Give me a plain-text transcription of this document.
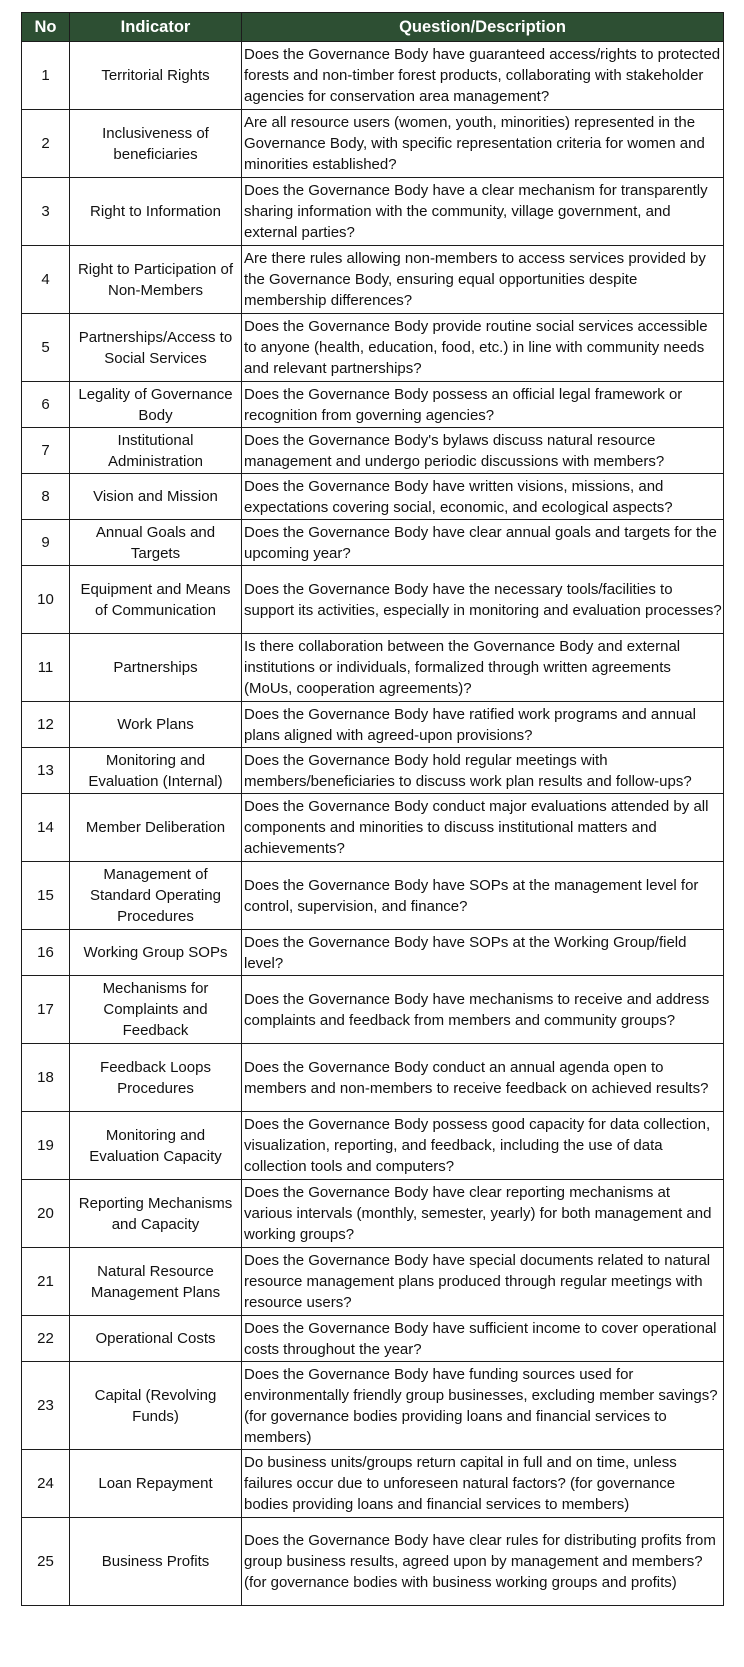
No	Indicator	Question/Description
1	Territorial Rights	Does the Governance Body have guaranteed access/rights to protected forests and non-timber forest products, collaborating with stakeholder agencies for conservation area management?
2	Inclusiveness of beneficiaries	Are all resource users (women, youth, minorities) represented in the Governance Body, with specific representation criteria for women and minorities established?
3	Right to Information	Does the Governance Body have a clear mechanism for transparently sharing information with the community, village government, and external parties?
4	Right to Participation of Non-Members	Are there rules allowing non-members to access services provided by the Governance Body, ensuring equal opportunities despite membership differences?
5	Partnerships/Access to Social Services	Does the Governance Body provide routine social services accessible to anyone (health, education, food, etc.) in line with community needs and relevant partnerships?
6	Legality of Governance Body	Does the Governance Body possess an official legal framework or recognition from governing agencies?
7	Institutional Administration	Does the Governance Body's bylaws discuss natural resource management and undergo periodic discussions with members?
8	Vision and Mission	Does the Governance Body have written visions, missions, and expectations covering social, economic, and ecological aspects?
9	Annual Goals and Targets	Does the Governance Body have clear annual goals and targets for the upcoming year?
10	Equipment and Means of Communication	Does the Governance Body have the necessary tools/facilities to support its activities, especially in monitoring and evaluation processes?
11	Partnerships	Is there collaboration between the Governance Body and external institutions or individuals, formalized through written agreements (MoUs, cooperation agreements)?
12	Work Plans	Does the Governance Body have ratified work programs and annual plans aligned with agreed-upon provisions?
13	Monitoring and Evaluation (Internal)	Does the Governance Body hold regular meetings with members/beneficiaries to discuss work plan results and follow-ups?
14	Member Deliberation	Does the Governance Body conduct major evaluations attended by all components and minorities to discuss institutional matters and achievements?
15	Management of Standard Operating Procedures	Does the Governance Body have SOPs at the management level for control, supervision, and finance?
16	Working Group SOPs	Does the Governance Body have SOPs at the Working Group/field level?
17	Mechanisms for Complaints and Feedback	Does the Governance Body have mechanisms to receive and address complaints and feedback from members and community groups?
18	Feedback Loops Procedures	Does the Governance Body conduct an annual agenda open to members and non-members to receive feedback on achieved results?
19	Monitoring and Evaluation Capacity	Does the Governance Body possess good capacity for data collection, visualization, reporting, and feedback, including the use of data collection tools and computers?
20	Reporting Mechanisms and Capacity	Does the Governance Body have clear reporting mechanisms at various intervals (monthly, semester, yearly) for both management and working groups?
21	Natural Resource Management Plans	Does the Governance Body have special documents related to natural resource management plans produced through regular meetings with resource users?
22	Operational Costs	Does the Governance Body have sufficient income to cover operational costs throughout the year?
23	Capital (Revolving Funds)	Does the Governance Body have funding sources used for environmentally friendly group businesses, excluding member savings? (for governance bodies providing loans and financial services to members)
24	Loan Repayment	Do business units/groups return capital in full and on time, unless failures occur due to unforeseen natural factors? (for governance bodies providing loans and financial services to members)
25	Business Profits	Does the Governance Body have clear rules for distributing profits from group business results, agreed upon by management and members? (for governance bodies with business working groups and profits)
